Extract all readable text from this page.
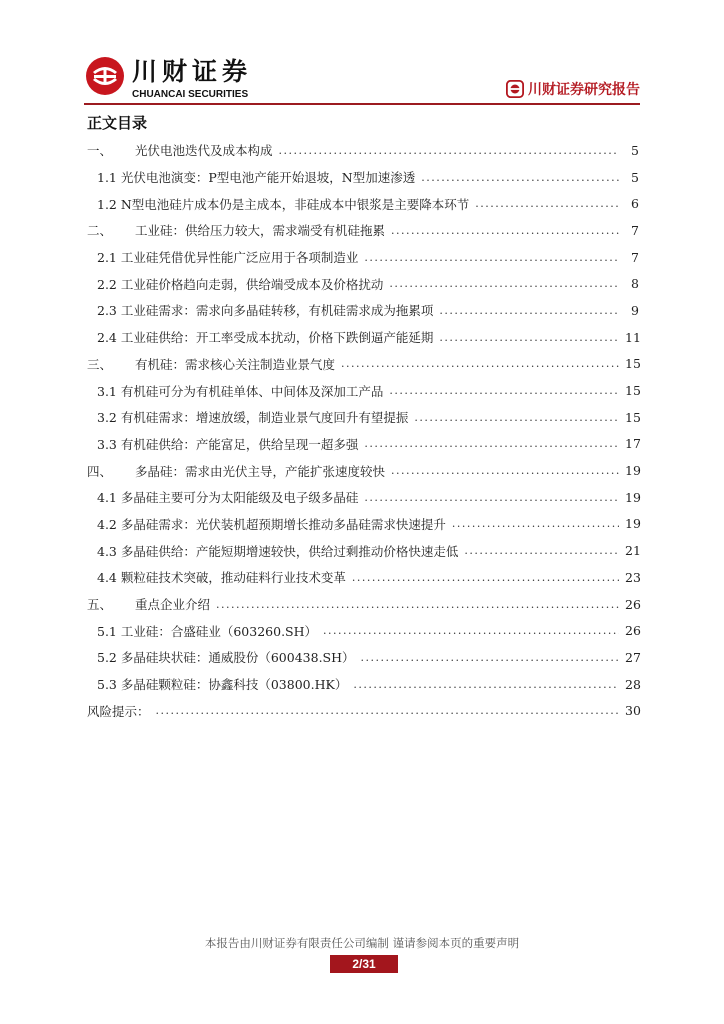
川财证券
CHUANCAI SECURITIES	川财证券研究报告
正文目录
一、 光伏电池迭代及成本构成 .....	5
1.1 光伏电池演变：P型电池产能开始退坡，N型加速渗透 .....	5
1.2 N型电池硅片成本仍是主成本，非硅成本中银浆是主要降本环节 .....	6
二、 工业硅：供给压力较大，需求端受有机硅拖累 .....	7
2.1 工业硅凭借优异性能广泛应用于各项制造业 .....	7
2.2 工业硅价格趋向走弱，供给端受成本及价格扰动 .....	8
2.3 工业硅需求：需求向多晶硅转移，有机硅需求成为拖累项 .....	9
2.4 工业硅供给：开工率受成本扰动，价格下跌倒逼产能延期 .....	11
三、 有机硅：需求核心关注制造业景气度 .....	15
3.1 有机硅可分为有机硅单体、中间体及深加工产品 .....	15
3.2 有机硅需求：增速放缓，制造业景气度回升有望提振 .....	15
3.3 有机硅供给：产能富足，供给呈现一超多强 .....	17
四、 多晶硅：需求由光伏主导，产能扩张速度较快 .....	19
4.1 多晶硅主要可分为太阳能级及电子级多晶硅 .....	19
4.2 多晶硅需求：光伏装机超预期增长推动多晶硅需求快速提升 .....	19
4.3 多晶硅供给：产能短期增速较快，供给过剩推动价格快速走低 .....	21
4.4 颗粒硅技术突破，推动硅料行业技术变革 .....	23
五、 重点企业介绍 .....	26
5.1 工业硅：合盛硅业（603260.SH） .....	26
5.2 多晶硅块状硅：通威股份（600438.SH） .....	27
5.3 多晶硅颗粒硅：协鑫科技（03800.HK） .....	28
风险提示： .....	30
本报告由川财证券有限责任公司编制 谨请参阅本页的重要声明
2/31
